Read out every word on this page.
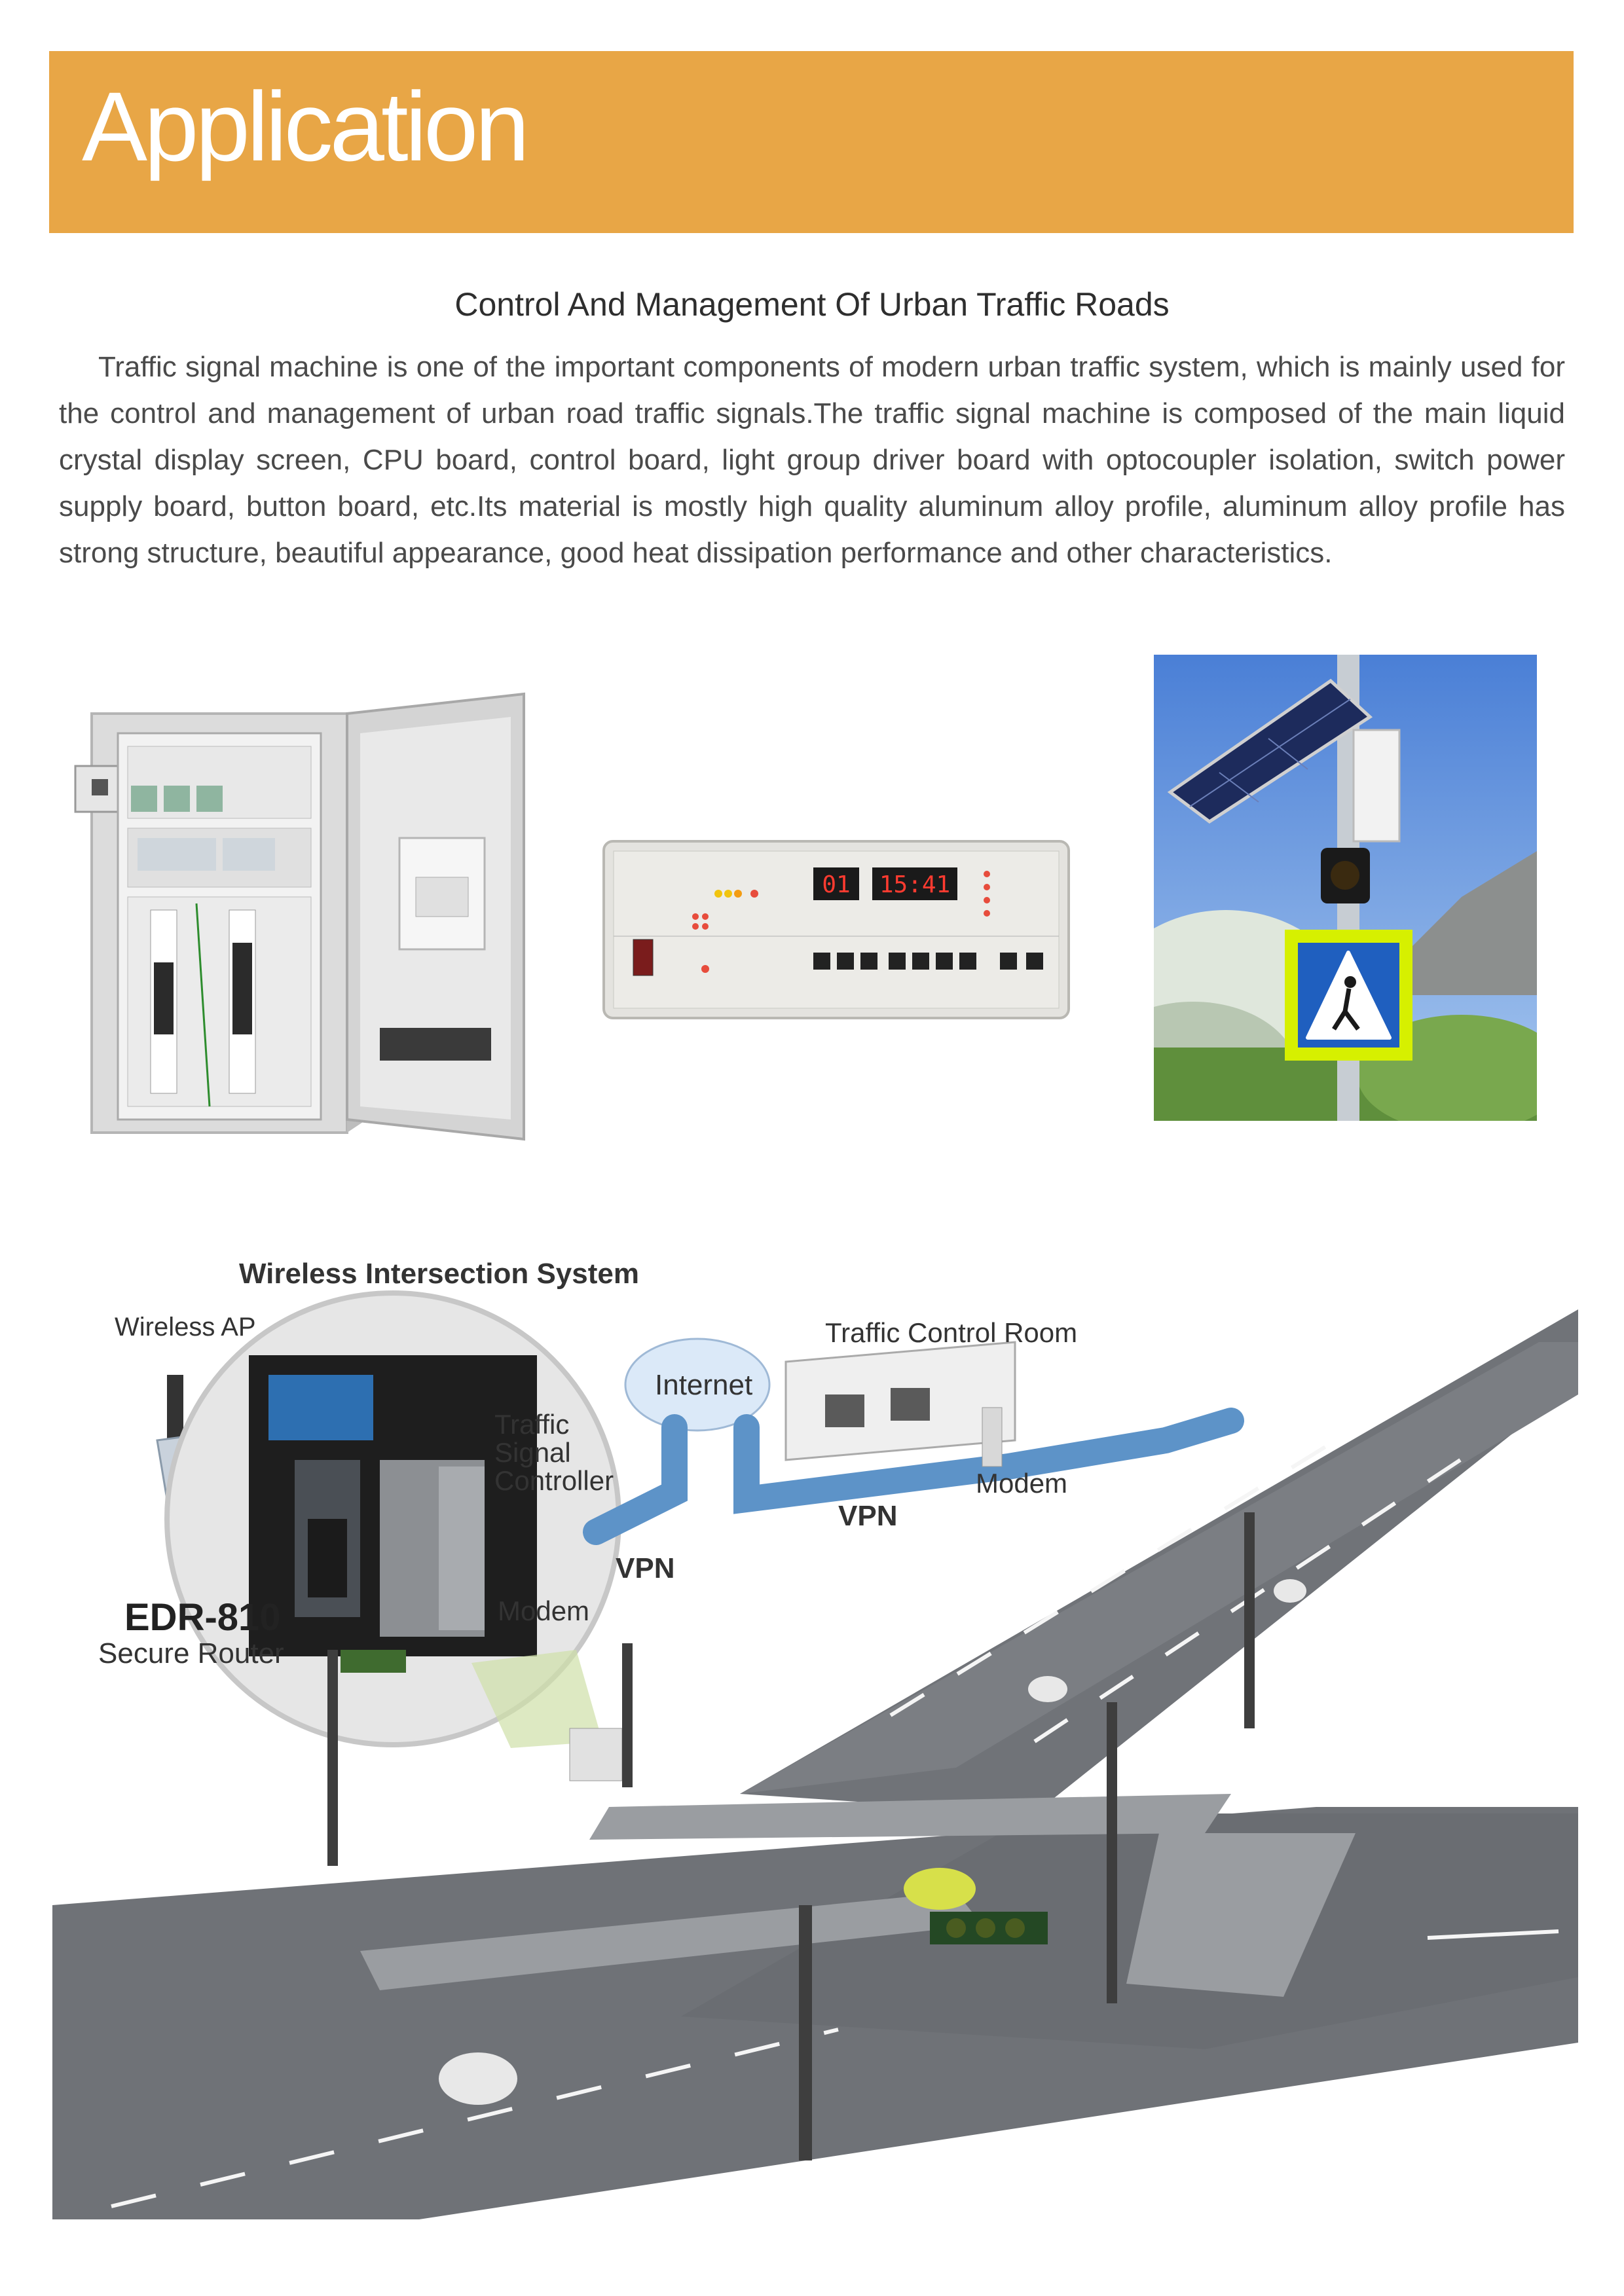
Application
Control And Management Of Urban Traffic Roads

Traffic signal machine is one of the important components of modern urban traffic system, which is mainly used for the control and management of urban road traffic signals.The traffic signal machine is composed of the main liquid crystal display screen, CPU board, control board, light group driver board with optocoupler isolation, switch power supply board, button board, etc.Its material is mostly high quality aluminum alloy profile, aluminum alloy profile has strong structure, beautiful appearance, good heat dissipation performance and other characteristics.

01 15:41
Wireless Intersection System
Wireless AP
Traffic
Signal
Controller
Modem
EDR-810
Secure Router
Internet
VPN
VPN
Modem
Traffic Control Room
